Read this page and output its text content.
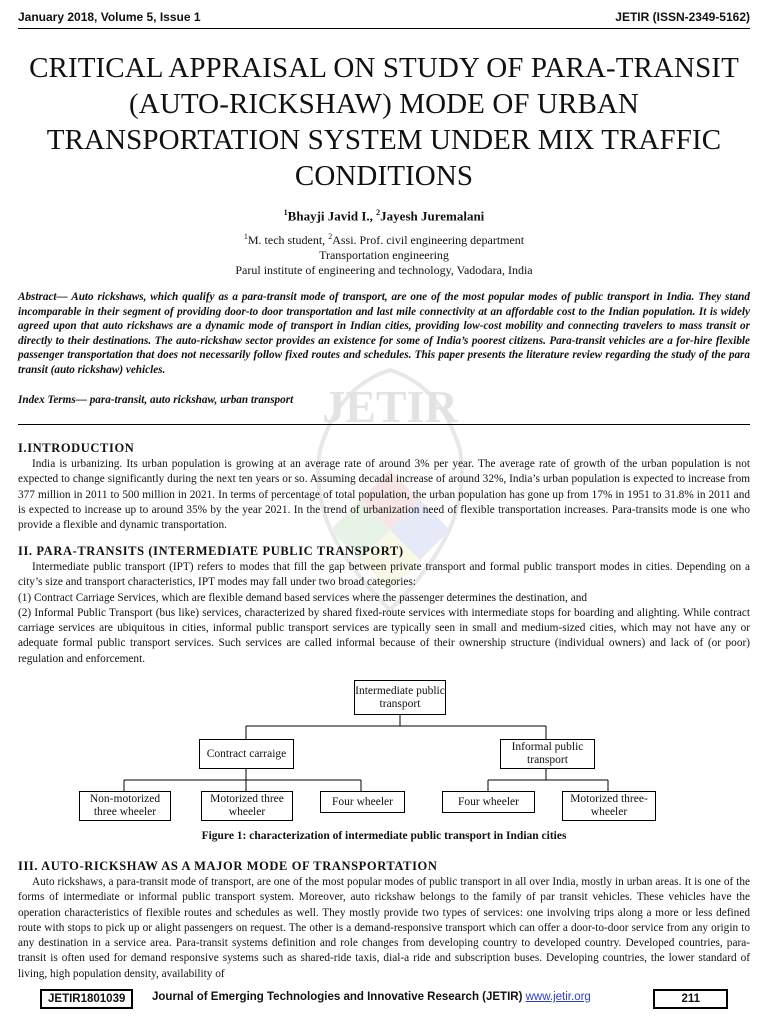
January 2018, Volume 5, Issue 1	JETIR (ISSN-2349-5162)
JETIR
CRITICAL APPRAISAL ON STUDY OF PARA-TRANSIT (AUTO-RICKSHAW) MODE OF URBAN TRANSPORTATION SYSTEM UNDER MIX TRAFFIC CONDITIONS
$^1$Bhayji Javid I., $^2$Jayesh Juremalani
$^1$M. tech student, $^2$Assi. Prof. civil engineering department
Transportation engineering
Parul institute of engineering and technology, Vadodara, India
Abstract— Auto rickshaws, which qualify as a para-transit mode of transport, are one of the most popular modes of public transport in India. They stand incomparable in their segment of providing door-to door transportation and last mile connectivity at an affordable cost to the Indian population. It is widely agreed upon that auto rickshaws are a dynamic mode of transport in Indian cities, providing low-cost mobility and connecting travelers to mass transit or directly to their destinations. The auto-rickshaw sector provides an existence for some of India’s poorest citizens. Para-transit vehicles are a for-hire flexible passenger transportation that does not necessarily follow fixed routes and schedules. This paper presents the literature review regarding the study of the para transit (auto rickshaw) vehicles.
Index Terms— para-transit, auto rickshaw, urban transport
I.INTRODUCTION

India is urbanizing. Its urban population is growing at an average rate of around 3% per year. The average rate of growth of the urban population is not expected to change significantly during the next ten years or so. Assuming decadal increase of around 32%, India’s urban population is expected to increase from 377 million in 2011 to 500 million in 2021. In terms of percentage of total population, the urban population has gone up from 17% in 1951 to 31.8% in 2011 and is expected to increase up to around 35% by the year 2021. In the trend of urbanization need of flexible transportation increases. Para-transits mode is one who provide a flexible and dynamic transportation.

II. PARA-TRANSITS (INTERMEDIATE PUBLIC TRANSPORT)

Intermediate public transport (IPT) refers to modes that fill the gap between private transport and formal public transport modes in cities. Depending on a city’s size and transport characteristics, IPT modes may fall under two broad categories:

(1) Contract Carriage Services, which are flexible demand based services where the passenger determines the destination, and

(2) Informal Public Transport (bus like) services, characterized by shared fixed-route services with intermediate stops for boarding and alighting. While contract carriage services are ubiquitous in cities, informal public transport services are typically seen in small and medium-sized cities, which may not have any or adequate formal public transport services. Such services are called informal because of their ownership structure (individual owners) and lack of (or poor) regulation and enforcement.

Intermediate public transport
Contract carraige
Informal public transport
Non-motorized three wheeler
Motorized three wheeler
Four wheeler	Four wheeler	Motorized three-wheeler
Figure 1: characterization of intermediate public transport in Indian cities
III. AUTO-RICKSHAW AS A MAJOR MODE OF TRANSPORTATION

Auto rickshaws, a para-transit mode of transport, are one of the most popular modes of public transport in all over India, mostly in urban areas. It is one of the forms of intermediate or informal public transport system. Moreover, auto rickshaw belongs to the family of par transit vehicles. These vehicles have the operation characteristics of flexible routes and schedules as well. They mostly provide two types of services: one involving trips along a more or less defined route with stops to pick up or alight passengers on request. The other is a demand-responsive transport which can offer a door-to-door service from any origin to any destination in a service area. Para-transit systems definition and role changes from developing country to developed country. Developed countries, para-transit is often used for demand responsive systems such as shared-ride taxis, dial-a ride and subscription buses. Developing countries, the lower standard of living, high population density, availability of

JETIR1801039	Journal of Emerging Technologies and Innovative Research (JETIR) www.jetir.org	211
